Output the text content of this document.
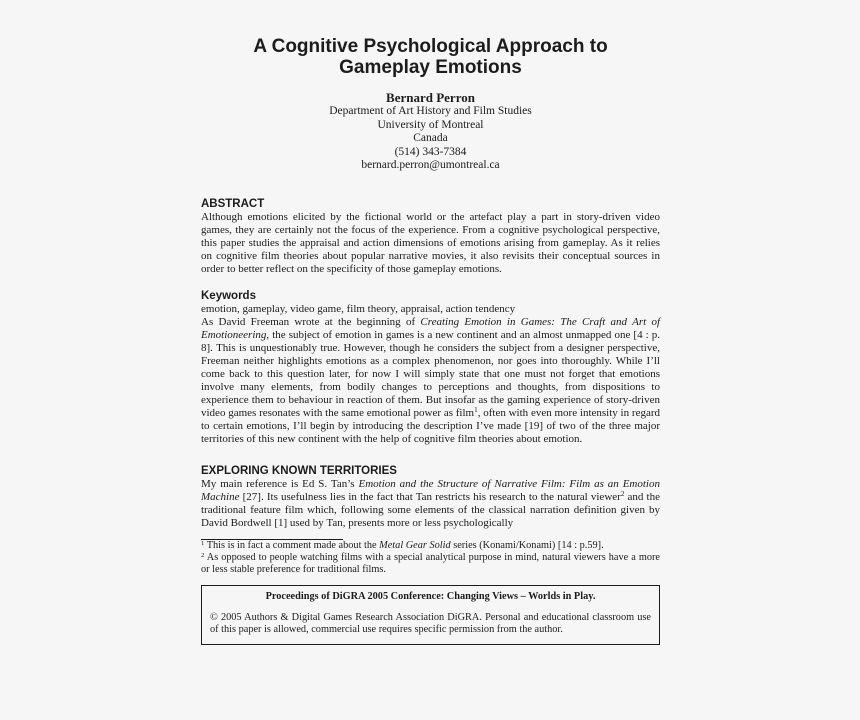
A Cognitive Psychological Approach to
Gameplay Emotions
Bernard Perron
Department of Art History and Film Studies
University of Montreal
Canada
(514) 343-7384
bernard.perron@umontreal.ca
ABSTRACT

Although emotions elicited by the fictional world or the artefact play a part in story-driven video games, they are certainly not the focus of the experience. From a cognitive psychological perspective, this paper studies the appraisal and action dimensions of emotions arising from gameplay. As it relies on cognitive film theories about popular narrative movies, it also revisits their conceptual sources in order to better reflect on the specificity of those gameplay emotions.

Keywords

emotion, gameplay, video game, film theory, appraisal, action tendency

As David Freeman wrote at the beginning of Creating Emotion in Games: The Craft and Art of Emotioneering, the subject of emotion in games is a new continent and an almost unmapped one [4 : p. 8]. This is unquestionably true. However, though he considers the subject from a designer perspective, Freeman neither highlights emotions as a complex phenomenon, nor goes into thoroughly. While I’ll come back to this question later, for now I will simply state that one must not forget that emotions involve many elements, from bodily changes to perceptions and thoughts, from dispositions to experience them to behaviour in reaction of them. But insofar as the gaming experience of story-driven video games resonates with the same emotional power as film$^1$, often with even more intensity in regard to certain emotions, I’ll begin by introducing the description I’ve made [19] of two of the three major territories of this new continent with the help of cognitive film theories about emotion.

EXPLORING KNOWN TERRITORIES

My main reference is Ed S. Tan’s Emotion and the Structure of Narrative Film: Film as an Emotion Machine [27]. Its usefulness lies in the fact that Tan restricts his research to the natural viewer$^2$ and the traditional feature film which, following some elements of the classical narration definition given by David Bordwell [1] used by Tan, presents more or less psychologically

$^1$ This is in fact a comment made about the Metal Gear Solid series (Konami/Konami) [14 : p.59].

$^2$ As opposed to people watching films with a special analytical purpose in mind, natural viewers have a more or less stable preference for traditional films.

Proceedings of DiGRA 2005 Conference: Changing Views – Worlds in Play.
© 2005 Authors & Digital Games Research Association DiGRA. Personal and educational classroom use of this paper is allowed, commercial use requires specific permission from the author.
